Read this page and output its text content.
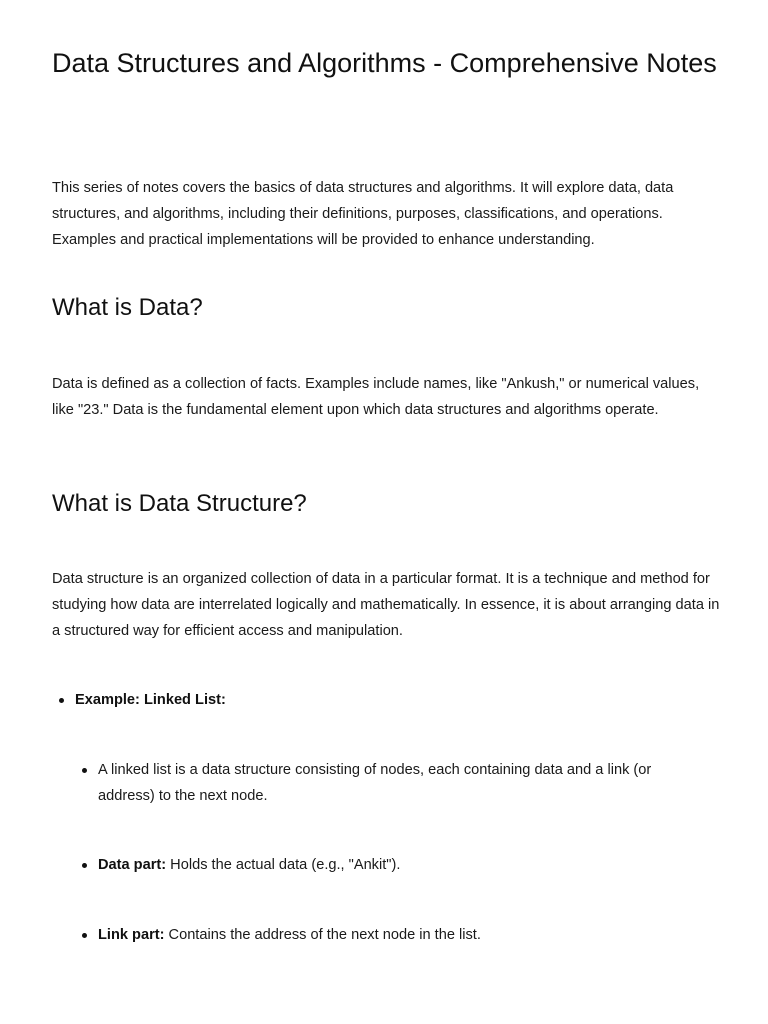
Data Structures and Algorithms - Comprehensive Notes

This series of notes covers the basics of data structures and algorithms. It will explore data, data structures, and algorithms, including their definitions, purposes, classifications, and operations. Examples and practical implementations will be provided to enhance understanding.

What is Data?

Data is defined as a collection of facts. Examples include names, like "Ankush," or numerical values, like "23." Data is the fundamental element upon which data structures and algorithms operate.

What is Data Structure?

Data structure is an organized collection of data in a particular format. It is a technique and method for studying how data are interrelated logically and mathematically. In essence, it is about arranging data in a structured way for efficient access and manipulation.

Example: Linked List:
A linked list is a data structure consisting of nodes, each containing data and a link (or address) to the next node.
Data part: Holds the actual data (e.g., "Ankit").
Link part: Contains the address of the next node in the list.
